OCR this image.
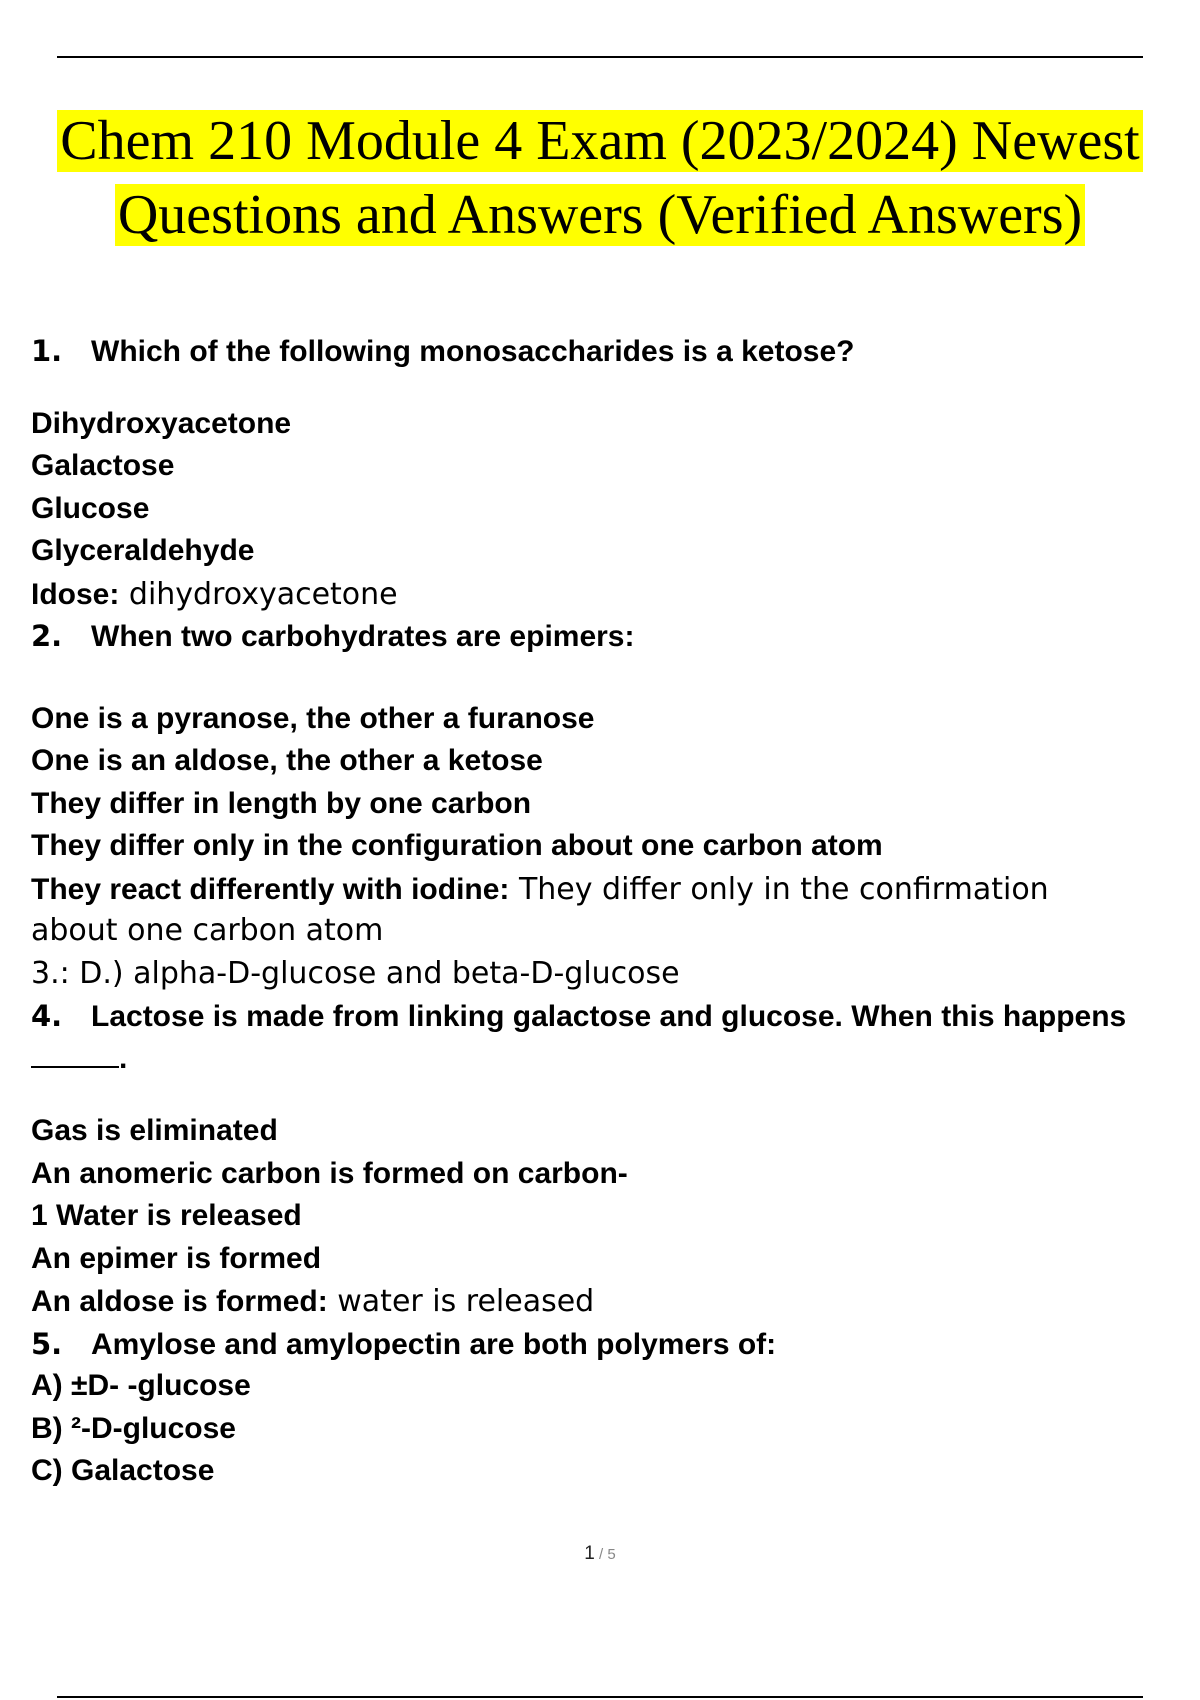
Chem 210 Module 4 Exam (2023/2024) Newest
Questions and Answers (Verified Answers)
1. Which of the following monosaccharides is a ketose?
Dihydroxyacetone
Galactose
Glucose
Glyceraldehyde
Idose: dihydroxyacetone
2. When two carbohydrates are epimers:
One is a pyranose, the other a furanose
One is an aldose, the other a ketose
They differ in length by one carbon
They differ only in the configuration about one carbon atom
They react differently with iodine: They differ only in the confirmation
about one carbon atom
3.: D.) alpha-D-glucose and beta-D-glucose
4. Lactose is made from linking galactose and glucose. When this happens
.
Gas is eliminated
An anomeric carbon is formed on carbon-
1 Water is released
An epimer is formed
An aldose is formed: water is released
5. Amylose and amylopectin are both polymers of:
A) ±D- -glucose
B) ²-D-glucose
C) Galactose
1 / 5
